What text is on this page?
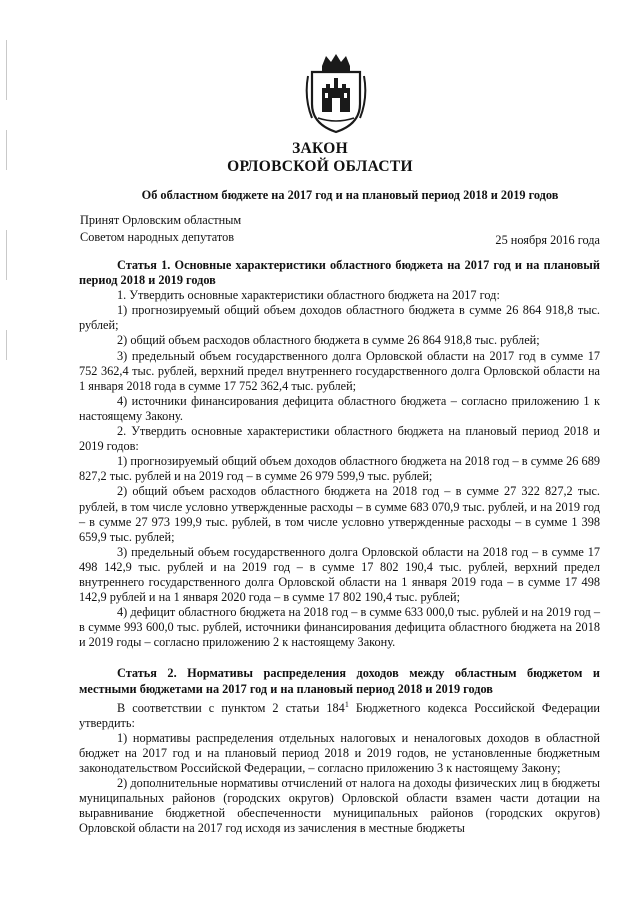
ЗАКОН
ОРЛОВСКОЙ ОБЛАСТИ
Об областном бюджете на 2017 год и на плановый период 2018 и 2019 годов
Принят Орловским областным
Советом народных депутатов	25 ноября 2016 года

Статья 1. Основные характеристики областного бюджета на 2017 год и на плановый период 2018 и 2019 годов

1. Утвердить основные характеристики областного бюджета на 2017 год:

1) прогнозируемый общий объем доходов областного бюджета в сумме 26 864 918,8 тыс. рублей;

2) общий объем расходов областного бюджета в сумме 26 864 918,8 тыс. рублей;

3) предельный объем государственного долга Орловской области на 2017 год в сумме 17 752 362,4 тыс. рублей, верхний предел внутреннего государственного долга Орловской области на 1 января 2018 года в сумме 17 752 362,4 тыс. рублей;

4) источники финансирования дефицита областного бюджета – согласно приложению 1 к настоящему Закону.

2. Утвердить основные характеристики областного бюджета на плановый период 2018 и 2019 годов:

1) прогнозируемый общий объем доходов областного бюджета на 2018 год – в сумме 26 689 827,2 тыс. рублей и на 2019 год – в сумме 26 979 599,9 тыс. рублей;

2) общий объем расходов областного бюджета на 2018 год – в сумме 27 322 827,2 тыс. рублей, в том числе условно утвержденные расходы – в сумме 683 070,9 тыс. рублей, и на 2019 год – в сумме 27 973 199,9 тыс. рублей, в том числе условно утвержденные расходы – в сумме 1 398 659,9 тыс. рублей;

3) предельный объем государственного долга Орловской области на 2018 год – в сумме 17 498 142,9 тыс. рублей и на 2019 год – в сумме 17 802 190,4 тыс. рублей, верхний предел внутреннего государственного долга Орловской области на 1 января 2019 года – в сумме 17 498 142,9 рублей и на 1 января 2020 года – в сумме 17 802 190,4 тыс. рублей;

4) дефицит областного бюджета на 2018 год – в сумме 633 000,0 тыс. рублей и на 2019 год – в сумме 993 600,0 тыс. рублей, источники финансирования дефицита областного бюджета на 2018 и 2019 годы – согласно приложению 2 к настоящему Закону.

Статья 2. Нормативы распределения доходов между областным бюджетом и местными бюджетами на 2017 год и на плановый период 2018 и 2019 годов

В соответствии с пунктом 2 статьи $184^1$ Бюджетного кодекса Российской Федерации утвердить:

1) нормативы распределения отдельных налоговых и неналоговых доходов в областной бюджет на 2017 год и на плановый период 2018 и 2019 годов, не установленные бюджетным законодательством Российской Федерации, – согласно приложению 3 к настоящему Закону;

2) дополнительные нормативы отчислений от налога на доходы физических лиц в бюджеты муниципальных районов (городских округов) Орловской области взамен части дотации на выравнивание бюджетной обеспеченности муниципальных районов (городских округов) Орловской области на 2017 год исходя из зачисления в местные бюджеты
